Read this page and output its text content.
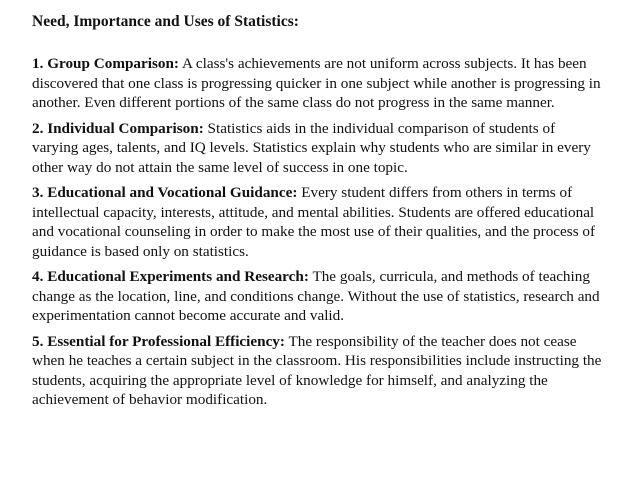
Need, Importance and Uses of Statistics:

1. Group Comparison: A class's achievements are not uniform across subjects. It has been discovered that one class is progressing quicker in one subject while another is progressing in another. Even different portions of the same class do not progress in the same manner.

2. Individual Comparison: Statistics aids in the individual comparison of students of varying ages, talents, and IQ levels. Statistics explain why students who are similar in every other way do not attain the same level of success in one topic.

3. Educational and Vocational Guidance: Every student differs from others in terms of intellectual capacity, interests, attitude, and mental abilities. Students are offered educational and vocational counseling in order to make the most use of their qualities, and the process of guidance is based only on statistics.

4. Educational Experiments and Research: The goals, curricula, and methods of teaching change as the location, line, and conditions change. Without the use of statistics, research and experimentation cannot become accurate and valid.

5. Essential for Professional Efficiency: The responsibility of the teacher does not cease when he teaches a certain subject in the classroom. His responsibilities include instructing the students, acquiring the appropriate level of knowledge for himself, and analyzing the achievement of behavior modification.
